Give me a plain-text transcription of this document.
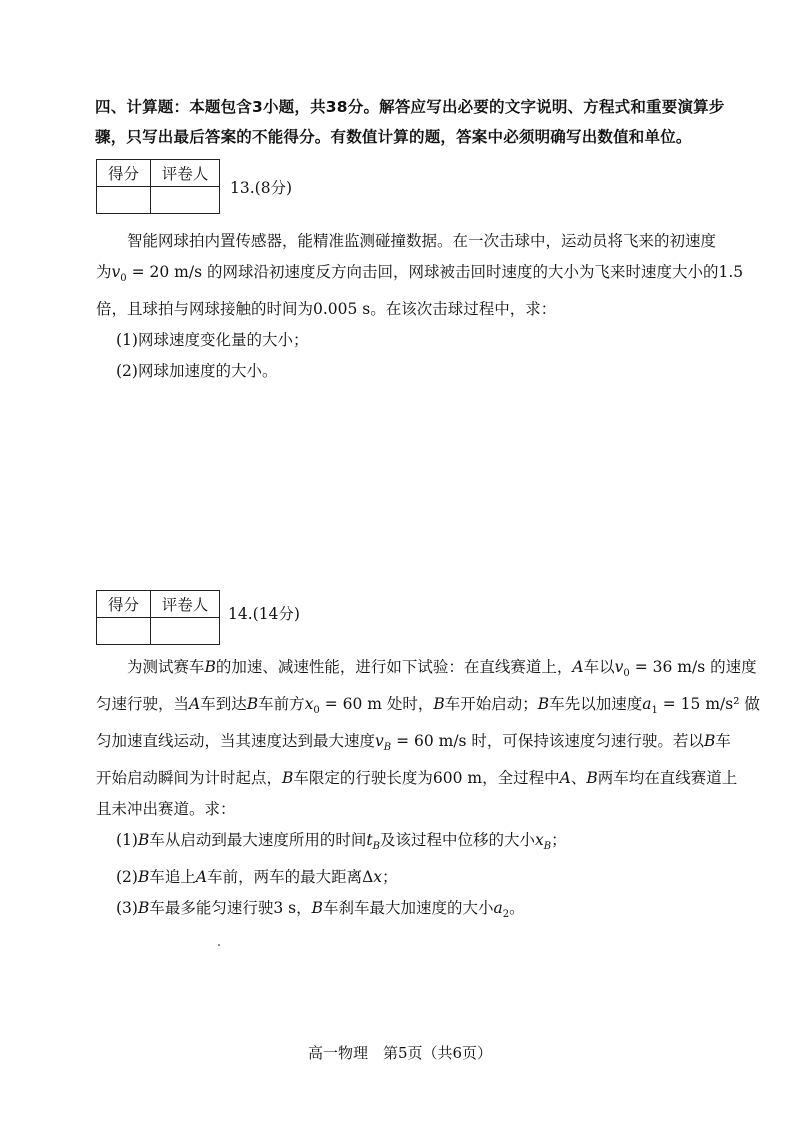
四、计算题：本题包含3小题，共38分。解答应写出必要的文字说明、方程式和重要演算步
骤，只写出最后答案的不能得分。有数值计算的题，答案中必须明确写出数值和单位。
得分	评卷人

13.(8分)
智能网球拍内置传感器，能精准监测碰撞数据。在一次击球中，运动员将飞来的初速度
为$v_0 = 20$ m/s 的网球沿初速度反方向击回，网球被击回时速度的大小为飞来时速度大小的1.5
倍，且球拍与网球接触的时间为0.005 s。在该次击球过程中，求：
(1)网球速度变化量的大小；
(2)网球加速度的大小。
得分	评卷人
	14.(14分)
为测试赛车B的加速、减速性能，进行如下试验：在直线赛道上，A车以$v_0 = 36$ m/s 的速度
匀速行驶，当A车到达B车前方$x_0 = 60$ m 处时，B车开始启动；B车先以加速度$a_1 = 15$ m/s² 做
匀加速直线运动，当其速度达到最大速度$v_B = 60$ m/s 时，可保持该速度匀速行驶。若以B车
开始启动瞬间为计时起点，B车限定的行驶长度为600 m，全过程中A、B两车均在直线赛道上
且未冲出赛道。求：
(1)B车从启动到最大速度所用的时间$t_B$及该过程中位移的大小$x_B$；
(2)B车追上A车前，两车的最大距离Δx；
(3)B车最多能匀速行驶3 s，B车刹车最大加速度的大小$a_2$。
高一物理　第5页（共6页）
